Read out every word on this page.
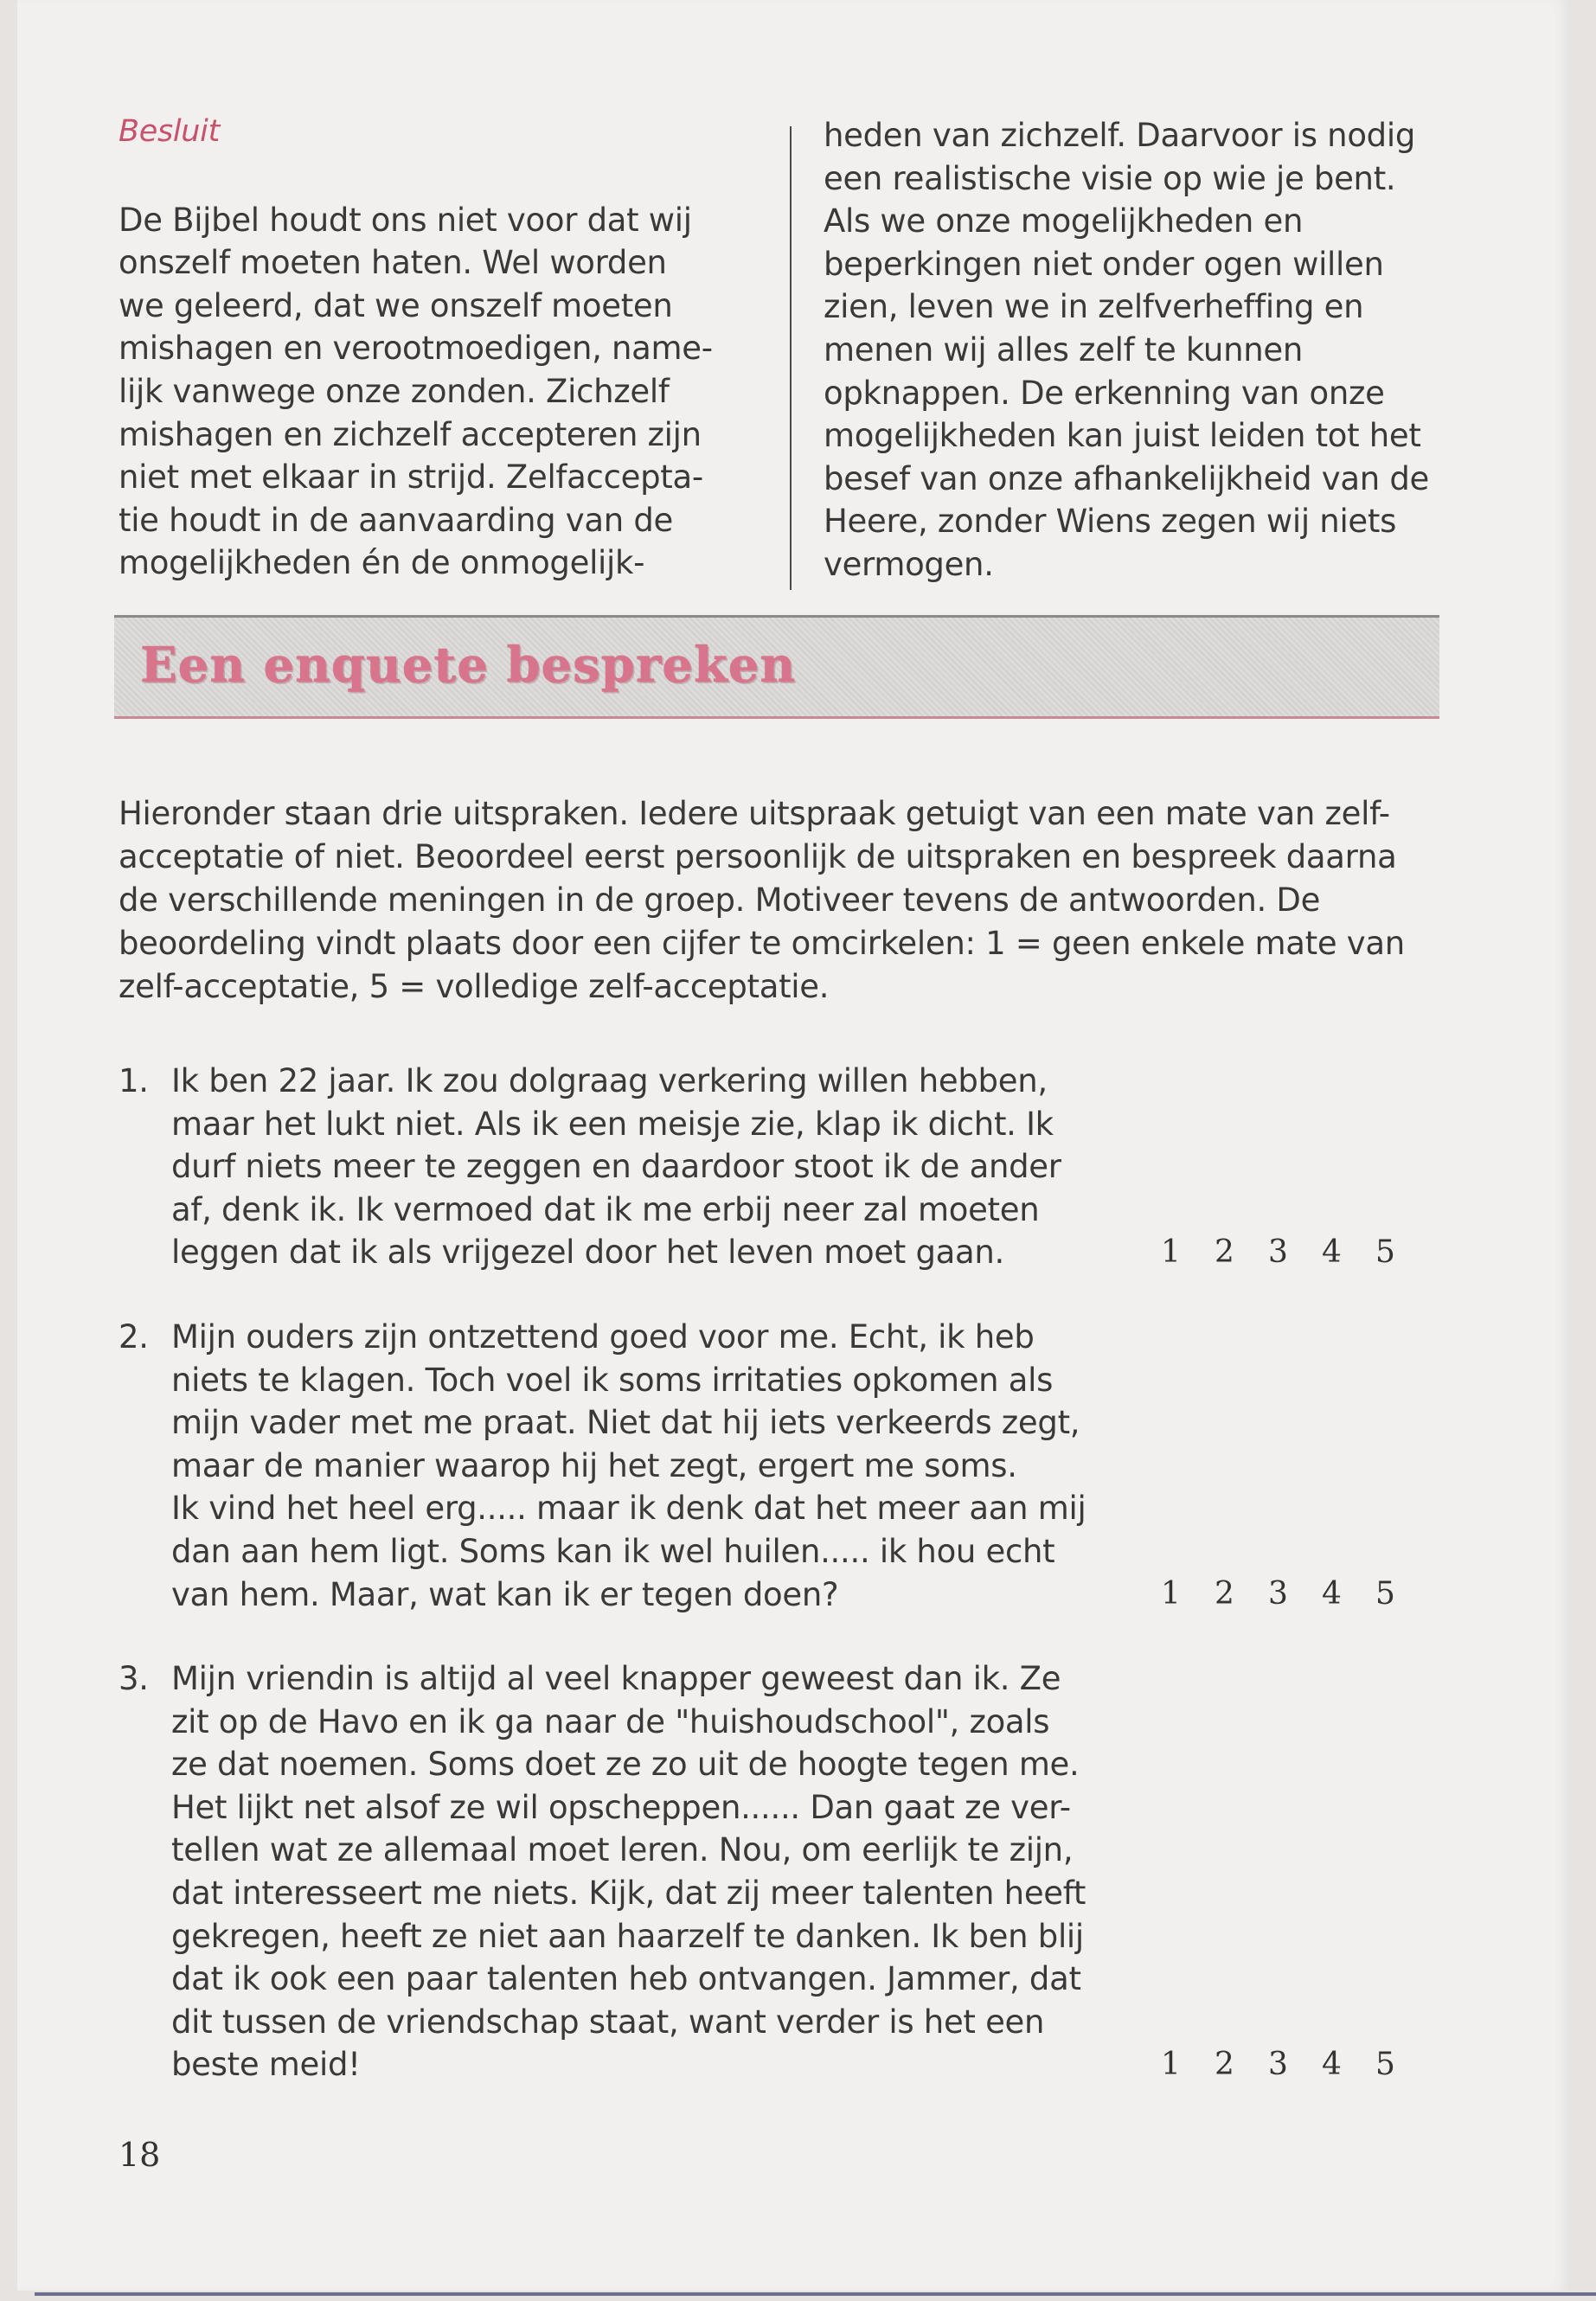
Besluit

De Bijbel houdt ons niet voor dat wij
onszelf moeten haten. Wel worden
we geleerd, dat we onszelf moeten
mishagen en verootmoedigen, name-
lijk vanwege onze zonden. Zichzelf
mishagen en zichzelf accepteren zijn
niet met elkaar in strijd. Zelfaccepta-
tie houdt in de aanvaarding van de
mogelijkheden én de onmogelijk-

heden van zichzelf. Daarvoor is nodig
een realistische visie op wie je bent.
Als we onze mogelijkheden en
beperkingen niet onder ogen willen
zien, leven we in zelfverheffing en
menen wij alles zelf te kunnen
opknappen. De erkenning van onze
mogelijkheden kan juist leiden tot het
besef van onze afhankelijkheid van de
Heere, zonder Wiens zegen wij niets
vermogen.

Een enquete bespreken

Hieronder staan drie uitspraken. Iedere uitspraak getuigt van een mate van zelf-
acceptatie of niet. Beoordeel eerst persoonlijk de uitspraken en bespreek daarna
de verschillende meningen in de groep. Motiveer tevens de antwoorden. De
beoordeling vindt plaats door een cijfer te omcirkelen: 1 = geen enkele mate van
zelf-acceptatie, 5 = volledige zelf-acceptatie.

1. Ik ben 22 jaar. Ik zou dolgraag verkering willen hebben,
maar het lukt niet. Als ik een meisje zie, klap ik dicht. Ik
durf niets meer te zeggen en daardoor stoot ik de ander
af, denk ik. Ik vermoed dat ik me erbij neer zal moeten
leggen dat ik als vrijgezel door het leven moet gaan.	1	2	3	4	5
2. Mijn ouders zijn ontzettend goed voor me. Echt, ik heb
niets te klagen. Toch voel ik soms irritaties opkomen als
mijn vader met me praat. Niet dat hij iets verkeerds zegt,
maar de manier waarop hij het zegt, ergert me soms.
Ik vind het heel erg..... maar ik denk dat het meer aan mij
dan aan hem ligt. Soms kan ik wel huilen..... ik hou echt
van hem. Maar, wat kan ik er tegen doen?	1	2	3	4	5
3. Mijn vriendin is altijd al veel knapper geweest dan ik. Ze
zit op de Havo en ik ga naar de "huishoudschool", zoals
ze dat noemen. Soms doet ze zo uit de hoogte tegen me.
Het lijkt net alsof ze wil opscheppen...... Dan gaat ze ver-
tellen wat ze allemaal moet leren. Nou, om eerlijk te zijn,
dat interesseert me niets. Kijk, dat zij meer talenten heeft
gekregen, heeft ze niet aan haarzelf te danken. Ik ben blij
dat ik ook een paar talenten heb ontvangen. Jammer, dat
dit tussen de vriendschap staat, want verder is het een
beste meid!	1	2	3	4	5
18
